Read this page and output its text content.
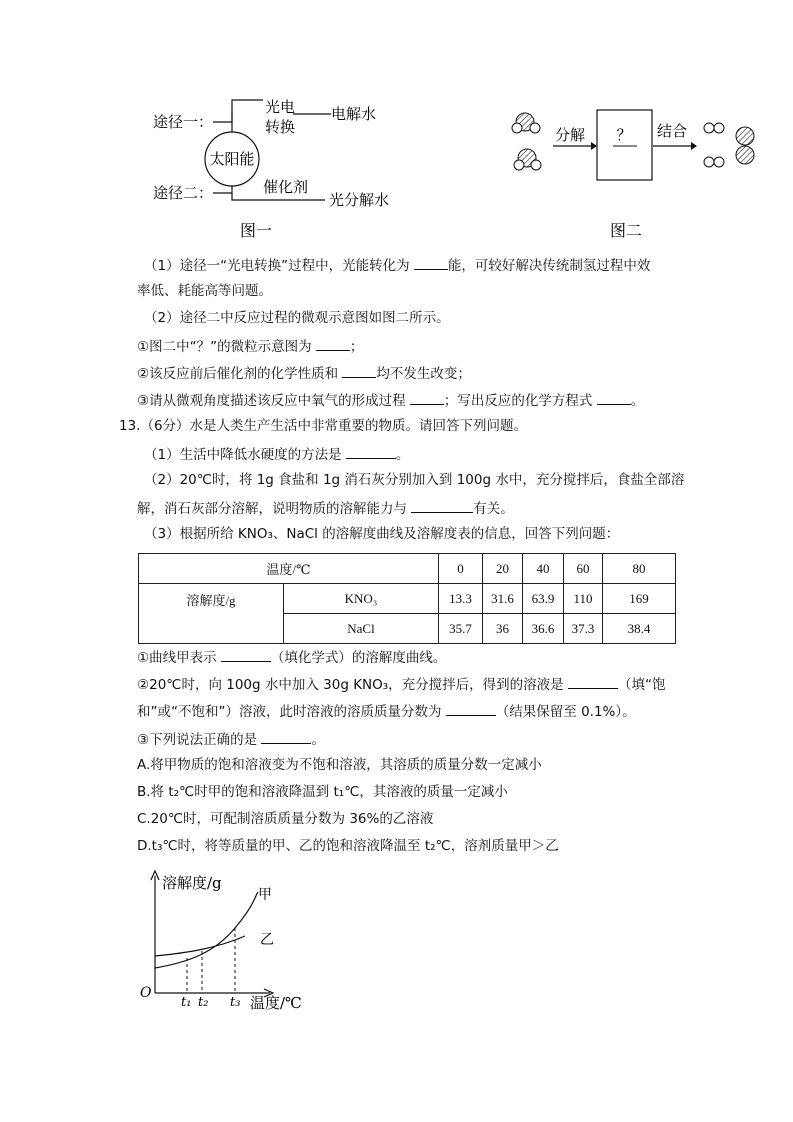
途径一：
途径二：
太阳能
光电
转换
电解水
催化剂
光分解水
图一
分解 ？ 结合
图二
（1）途径一“光电转换”过程中，光能转化为	能，可较好解决传统制氢过程中效
率低、耗能高等问题。
（2）途径二中反应过程的微观示意图如图二所示。
①图二中“？”的微粒示意图为	；
②该反应前后催化剂的化学性质和	均不发生改变；
③请从微观角度描述该反应中氧气的形成过程	；写出反应的化学方程式	。
13.（6分）水是人类生产生活中非常重要的物质。请回答下列问题。
（1）生活中降低水硬度的方法是	。
（2）20℃时，将 1g 食盐和 1g 消石灰分别加入到 100g 水中，充分搅拌后，食盐全部溶
解，消石灰部分溶解，说明物质的溶解能力与	有关。
（3）根据所给 KNO₃、NaCl 的溶解度曲线及溶解度表的信息，回答下列问题：
温度/℃		0	20	40	60	80
溶解度/g	KNO₃	13.3	31.6	63.9	110	169
	NaCl	35.7	36	36.6	37.3	38.4
①曲线甲表示	（填化学式）的溶解度曲线。
②20℃时，向 100g 水中加入 30g KNO₃，充分搅拌后，得到的溶液是	（填“饱
和”或“不饱和”）溶液，此时溶液的溶质质量分数为	（结果保留至 0.1%）。
③下列说法正确的是	。
A.将甲物质的饱和溶液变为不饱和溶液，其溶质的质量分数一定减小
B.将 t₂℃时甲的饱和溶液降温到 t₁℃，其溶液的质量一定减小
C.20℃时，可配制溶质质量分数为 36%的乙溶液
D.t₃℃时，将等质量的甲、乙的饱和溶液降温至 t₂℃，溶剂质量甲＞乙
溶解度/g
温度/℃
O
甲
乙
t₁ t₂ t₃
